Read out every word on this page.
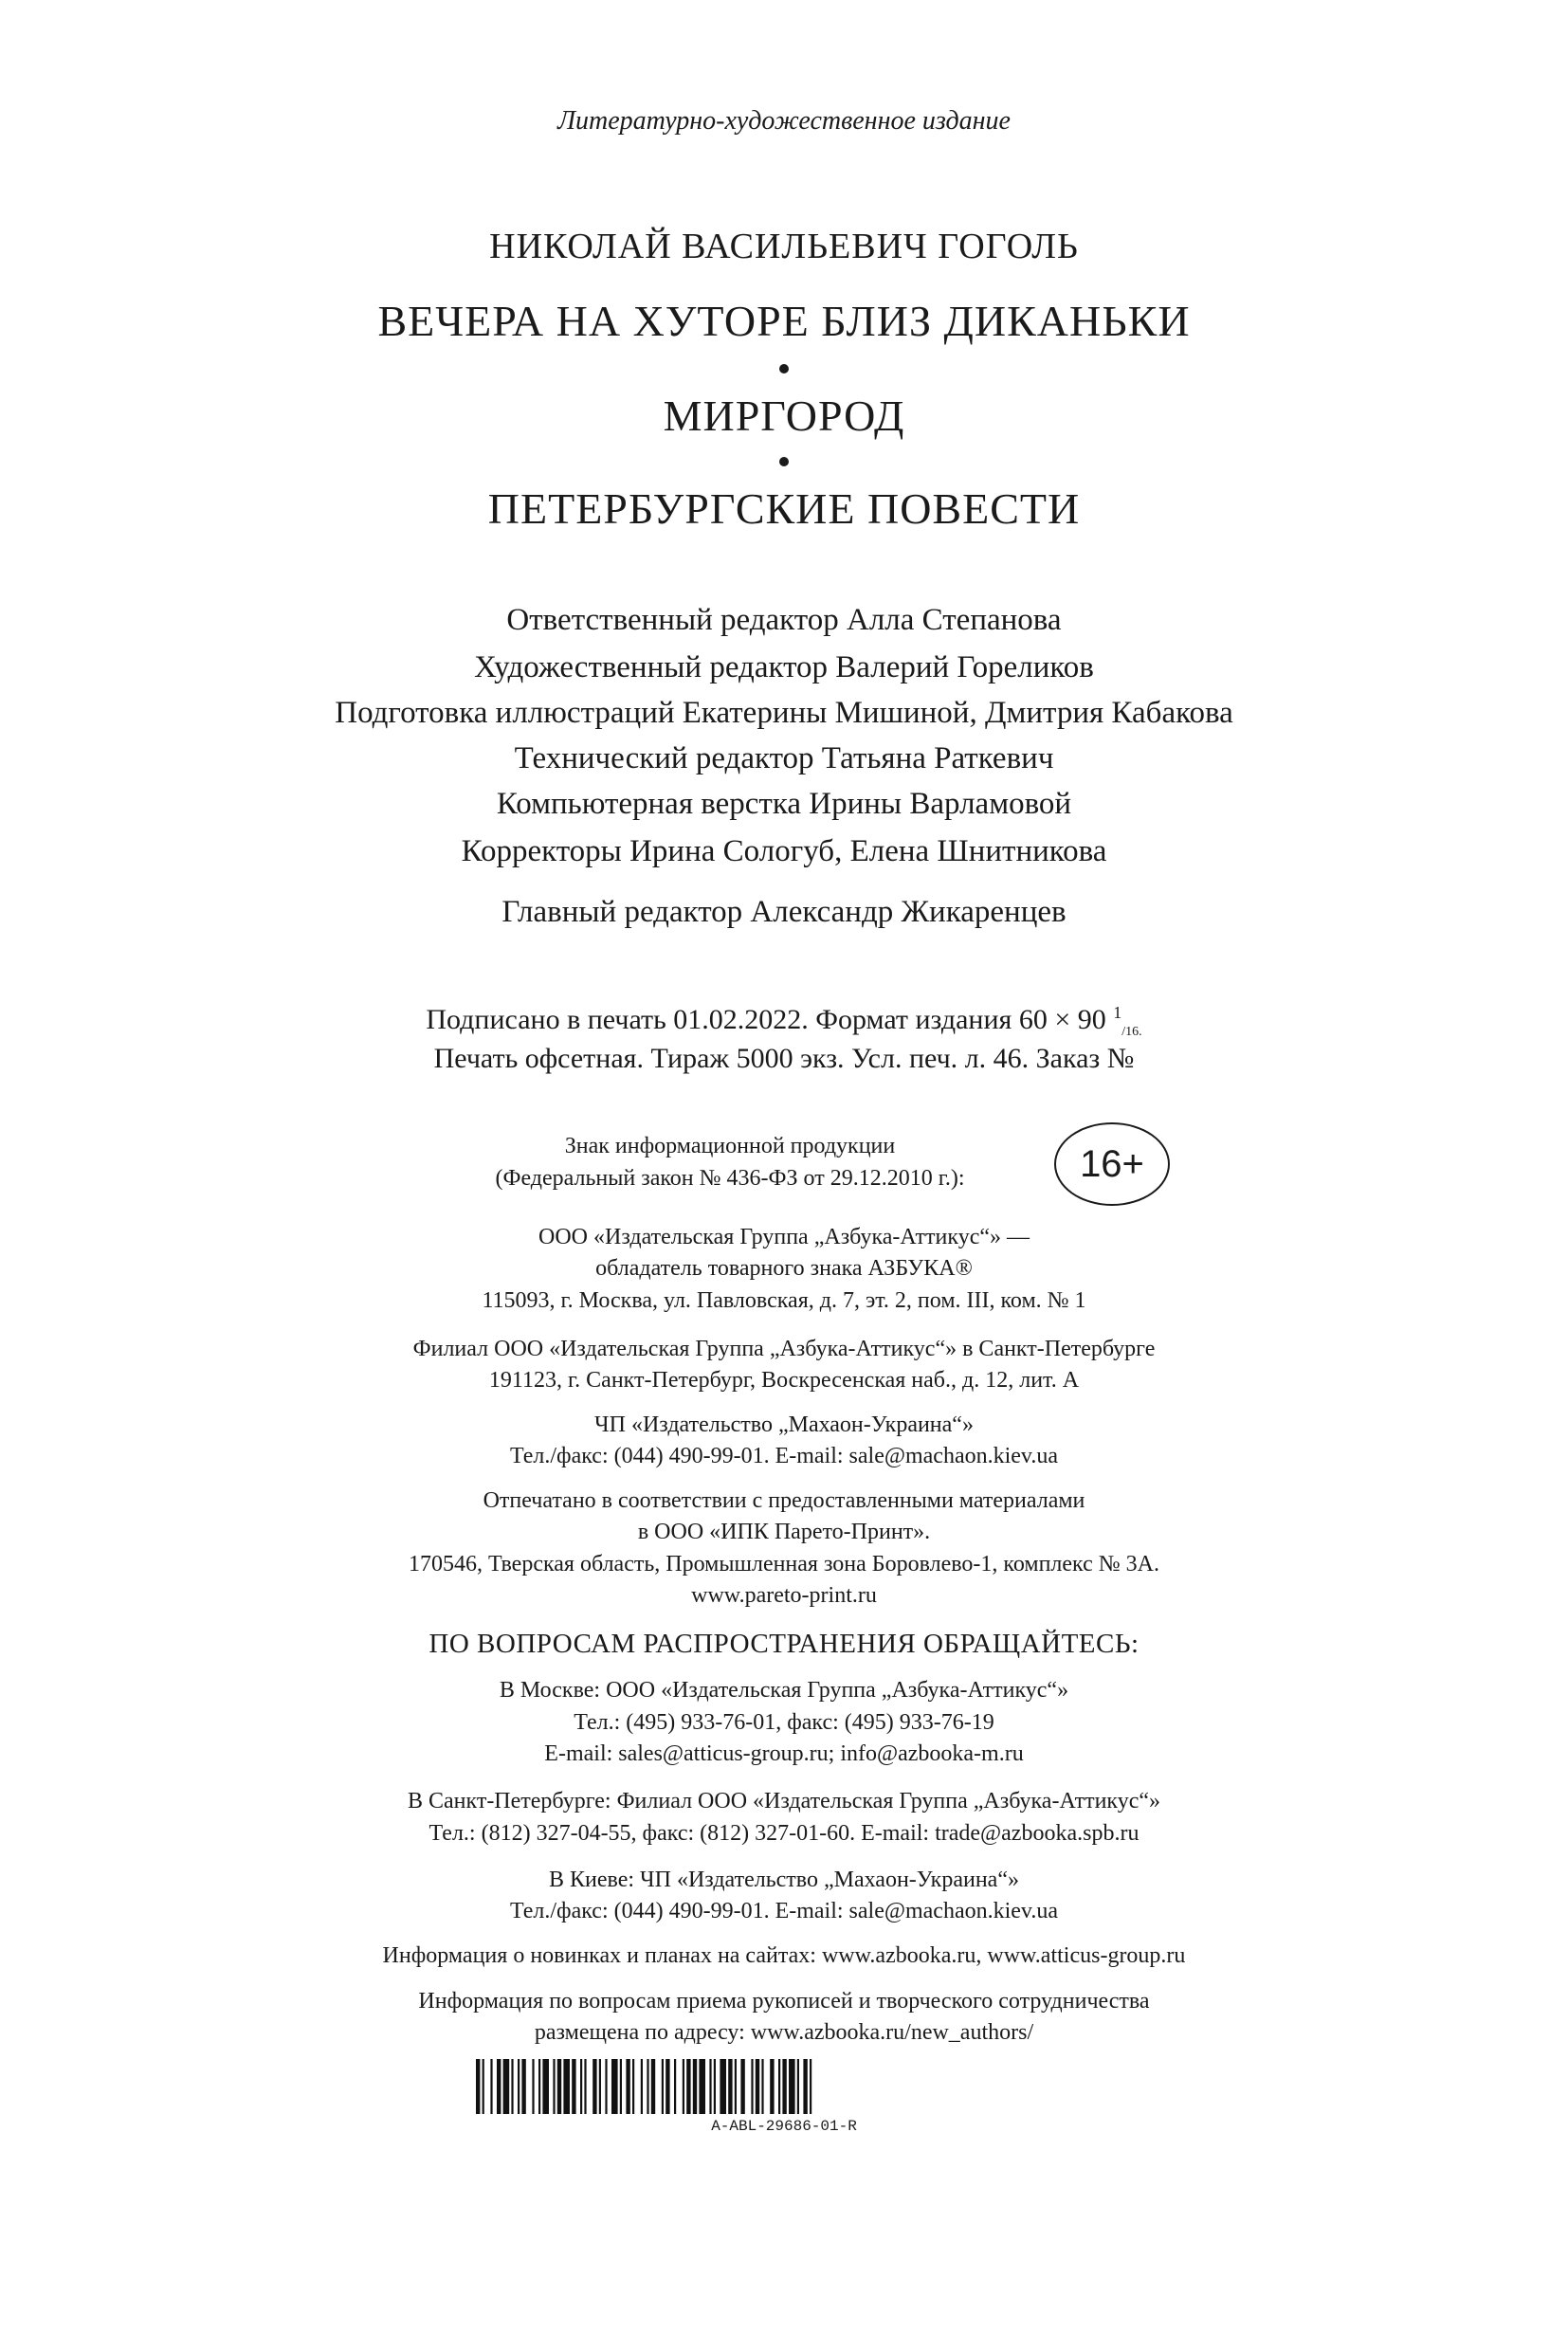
Литературно-художественное издание
НИКОЛАЙ ВАСИЛЬЕВИЧ ГОГОЛЬ
ВЕЧЕРА НА ХУТОРЕ БЛИЗ ДИКАНЬКИ
МИРГОРОД
ПЕТЕРБУРГСКИЕ ПОВЕСТИ
Ответственный редактор Алла Степанова
Художественный редактор Валерий Гореликов
Подготовка иллюстраций Екатерины Мишиной, Дмитрия Кабакова
Технический редактор Татьяна Раткевич
Компьютерная верстка Ирины Варламовой
Корректоры Ирина Сологуб, Елена Шнитникова
Главный редактор Александр Жикаренцев
Подписано в печать 01.02.2022. Формат издания 60 × 90 $^1_{/16.}$
Печать офсетная. Тираж 5000 экз. Усл. печ. л. 46. Заказ №
Знак информационной продукции
(Федеральный закон № 436-ФЗ от 29.12.2010 г.):	16+
ООО «Издательская Группа „Азбука-Аттикус“» —
обладатель товарного знака АЗБУКА®
115093, г. Москва, ул. Павловская, д. 7, эт. 2, пом. III, ком. № 1
Филиал ООО «Издательская Группа „Азбука-Аттикус“» в Санкт-Петербурге
191123, г. Санкт-Петербург, Воскресенская наб., д. 12, лит. А
ЧП «Издательство „Махаон-Украина“»
Тел./факс: (044) 490-99-01. E-mail: sale@machaon.kiev.ua
Отпечатано в соответствии с предоставленными материалами
в ООО «ИПК Парето-Принт».
170546, Тверская область, Промышленная зона Боровлево-1, комплекс № 3А.
www.pareto-print.ru
ПО ВОПРОСАМ РАСПРОСТРАНЕНИЯ ОБРАЩАЙТЕСЬ:
В Москве: ООО «Издательская Группа „Азбука-Аттикус“»
Тел.: (495) 933-76-01, факс: (495) 933-76-19
E-mail: sales@atticus-group.ru; info@azbooka-m.ru
В Санкт-Петербурге: Филиал ООО «Издательская Группа „Азбука-Аттикус“»
Тел.: (812) 327-04-55, факс: (812) 327-01-60. E-mail: trade@azbooka.spb.ru
В Киеве: ЧП «Издательство „Махаон-Украина“»
Тел./факс: (044) 490-99-01. E-mail: sale@machaon.kiev.ua
Информация о новинках и планах на сайтах: www.azbooka.ru, www.atticus-group.ru
Информация по вопросам приема рукописей и творческого сотрудничества
размещена по адресу: www.azbooka.ru/new_authors/
A-ABL-29686-01-R
